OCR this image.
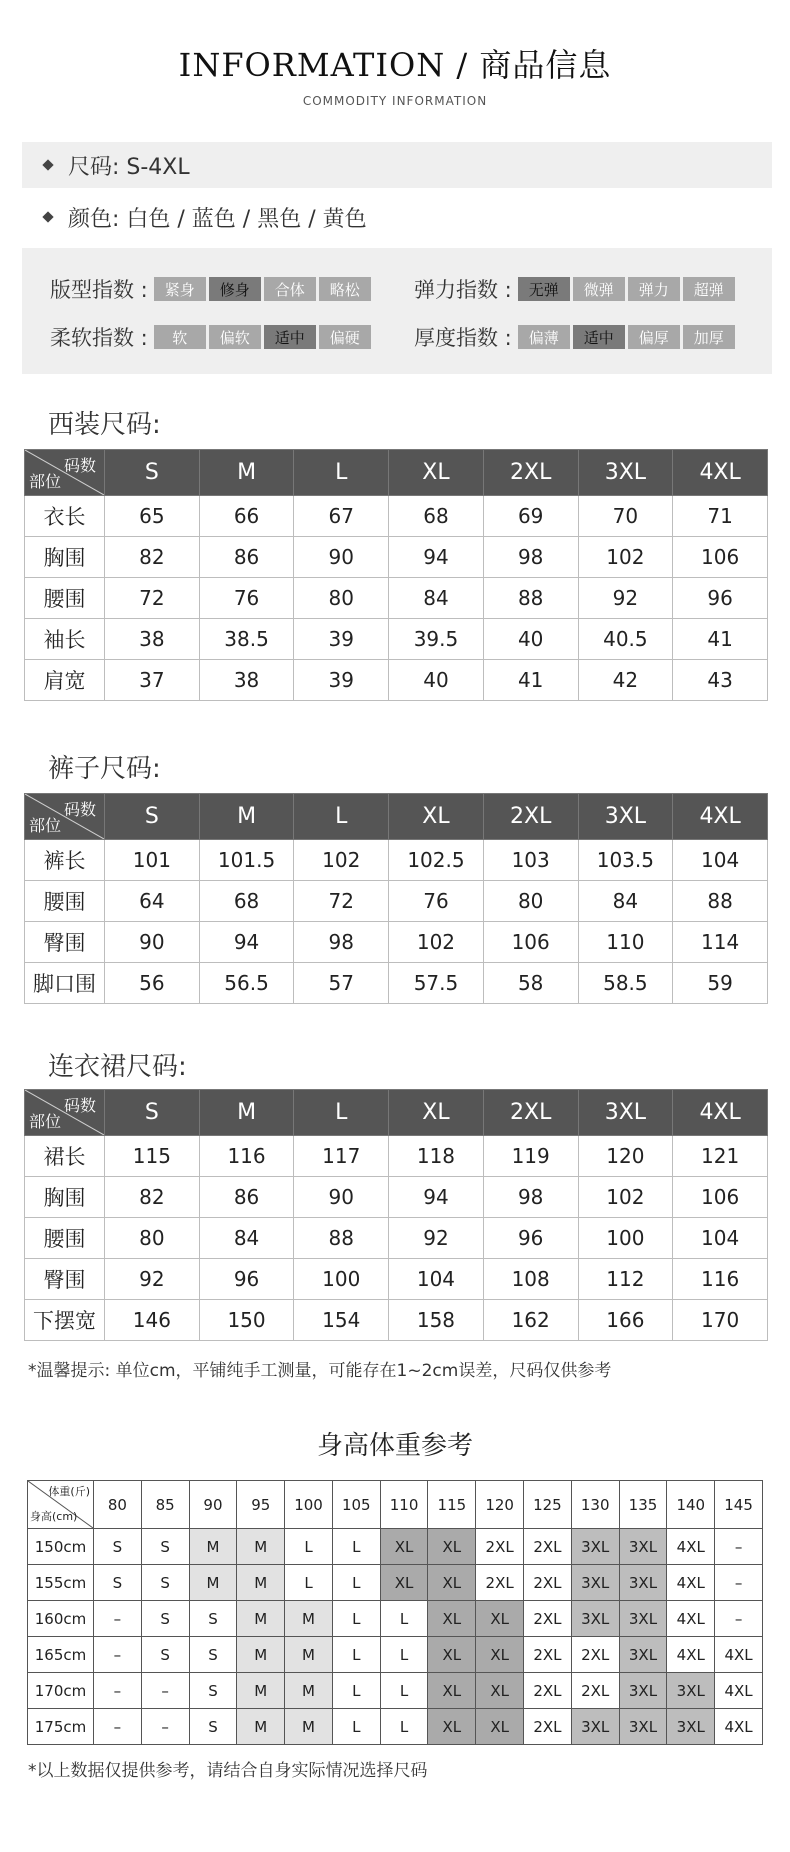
INFORMATION / 商品信息
COMMODITY INFORMATION
尺码: S-4XL
颜色: 白色 / 蓝色 / 黑色 / 黄色
版型指数 :	紧身	修身	合体	略松	弹力指数 :	无弹	微弹	弹力	超弹
柔软指数 :	软	偏软	适中	偏硬	厚度指数 :	偏薄	适中	偏厚	加厚
西装尺码:
码数
部位	S	M	L	XL	2XL	3XL	4XL
衣长	65	66	67	68	69	70	71
胸围	82	86	90	94	98	102	106
腰围	72	76	80	84	88	92	96
袖长	38	38.5	39	39.5	40	40.5	41
肩宽	37	38	39	40	41	42	43
裤子尺码:
码数
部位	S	M	L	XL	2XL	3XL	4XL
裤长	101	101.5	102	102.5	103	103.5	104
腰围	64	68	72	76	80	84	88
臀围	90	94	98	102	106	110	114
脚口围	56	56.5	57	57.5	58	58.5	59
连衣裙尺码:
码数
部位	S	M	L	XL	2XL	3XL	4XL
裙长	115	116	117	118	119	120	121
胸围	82	86	90	94	98	102	106
腰围	80	84	88	92	96	100	104
臀围	92	96	100	104	108	112	116
下摆宽	146	150	154	158	162	166	170
*温馨提示: 单位cm，平铺纯手工测量，可能存在1~2cm误差，尺码仅供参考
身高体重参考
体重(斤)
身高(cm)	80	85	90	95	100	105	110	115	120	125	130	135	140	145
150cm	S	S	M	M	L	L	XL	XL	2XL	2XL	3XL	3XL	4XL	–
155cm	S	S	M	M	L	L	XL	XL	2XL	2XL	3XL	3XL	4XL	–
160cm	–	S	S	M	M	L	L	XL	XL	2XL	3XL	3XL	4XL	–
165cm	–	S	S	M	M	L	L	XL	XL	2XL	2XL	3XL	4XL	4XL
170cm	–	–	S	M	M	L	L	XL	XL	2XL	2XL	3XL	3XL	4XL
175cm	–	–	S	M	M	L	L	XL	XL	2XL	3XL	3XL	3XL	4XL
*以上数据仅提供参考，请结合自身实际情况选择尺码
